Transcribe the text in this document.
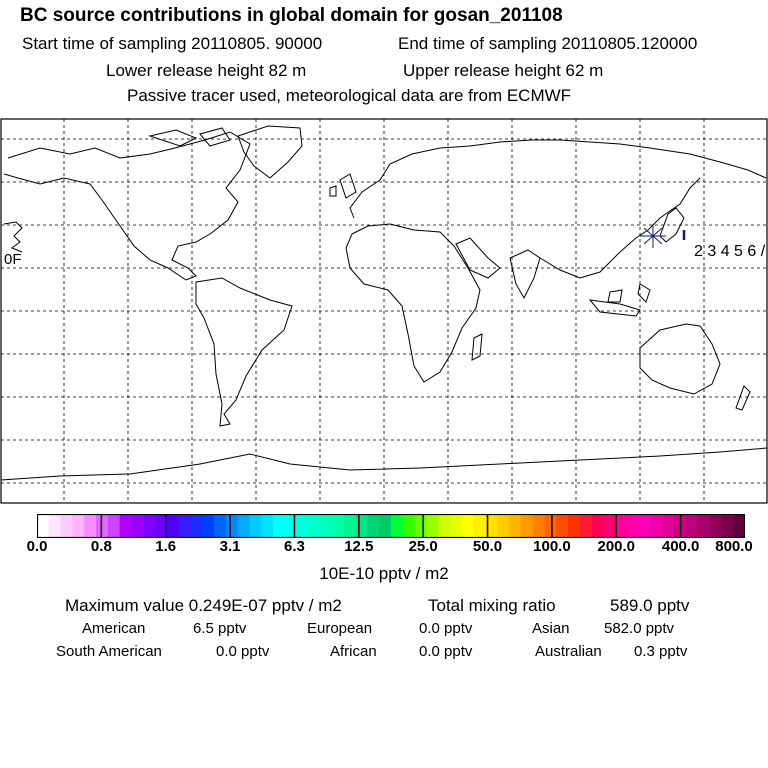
BC source contributions in global domain for gosan_201108
Start time of sampling 20110805. 90000	End time of sampling 20110805.120000
Lower release height 82 m	Upper release height 62 m
Passive tracer used, meteorological data are from ECMWF
2 3 4 5 6 /
0F
0.0	0.8	1.6	3.1	6.3	12.5 25.0 50.0 100.0 200.0 400.0 800.0
10E-10 pptv / m2
Maximum value 0.249E-07 pptv / m2	Total mixing ratio	589.0 pptv
American	6.5 pptv	European	0.0 pptv	Asian 582.0 pptv
South American	0.0 pptv	African	0.0 pptv	Australian 0.3 pptv
